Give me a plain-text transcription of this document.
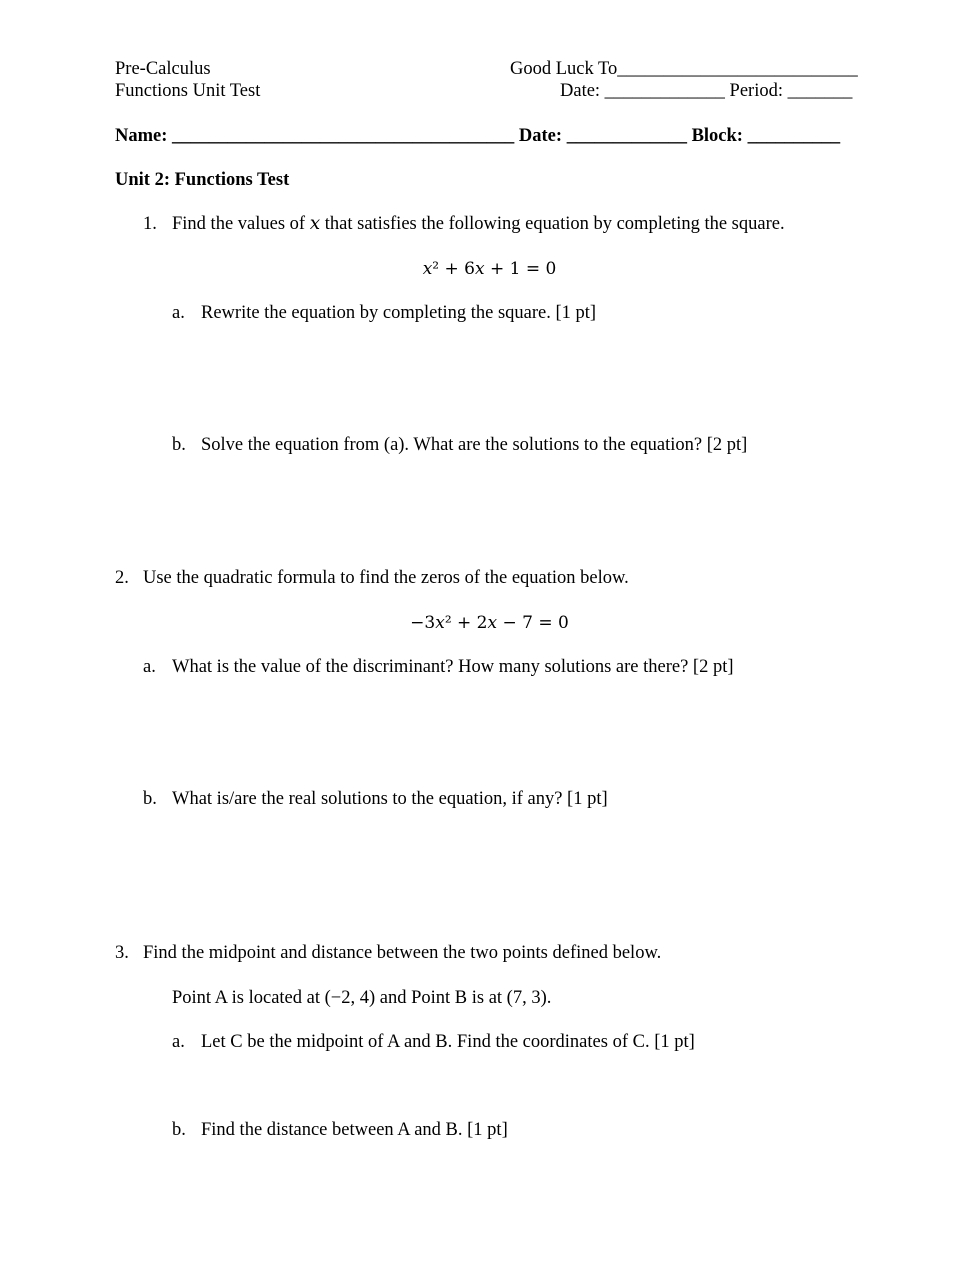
Pre-Calculus
Functions Unit Test
Good Luck To__________________________
Date: _____________ Period: _______
Name: _____________________________________ Date: _____________ Block: __________
Unit 2: Functions Test
1. Find the values of 𝑥 that satisfies the following equation by completing the square.
𝑥² + 6𝑥 + 1 = 0
a. Rewrite the equation by completing the square. [1 pt]
b. Solve the equation from (a). What are the solutions to the equation? [2 pt]
2. Use the quadratic formula to find the zeros of the equation below.
−3𝑥² + 2𝑥 − 7 = 0
a. What is the value of the discriminant? How many solutions are there? [2 pt]
b. What is/are the real solutions to the equation, if any? [1 pt]
3. Find the midpoint and distance between the two points defined below.
Point A is located at (−2, 4) and Point B is at (7, 3).
a. Let C be the midpoint of A and B. Find the coordinates of C. [1 pt]
b. Find the distance between A and B. [1 pt]
